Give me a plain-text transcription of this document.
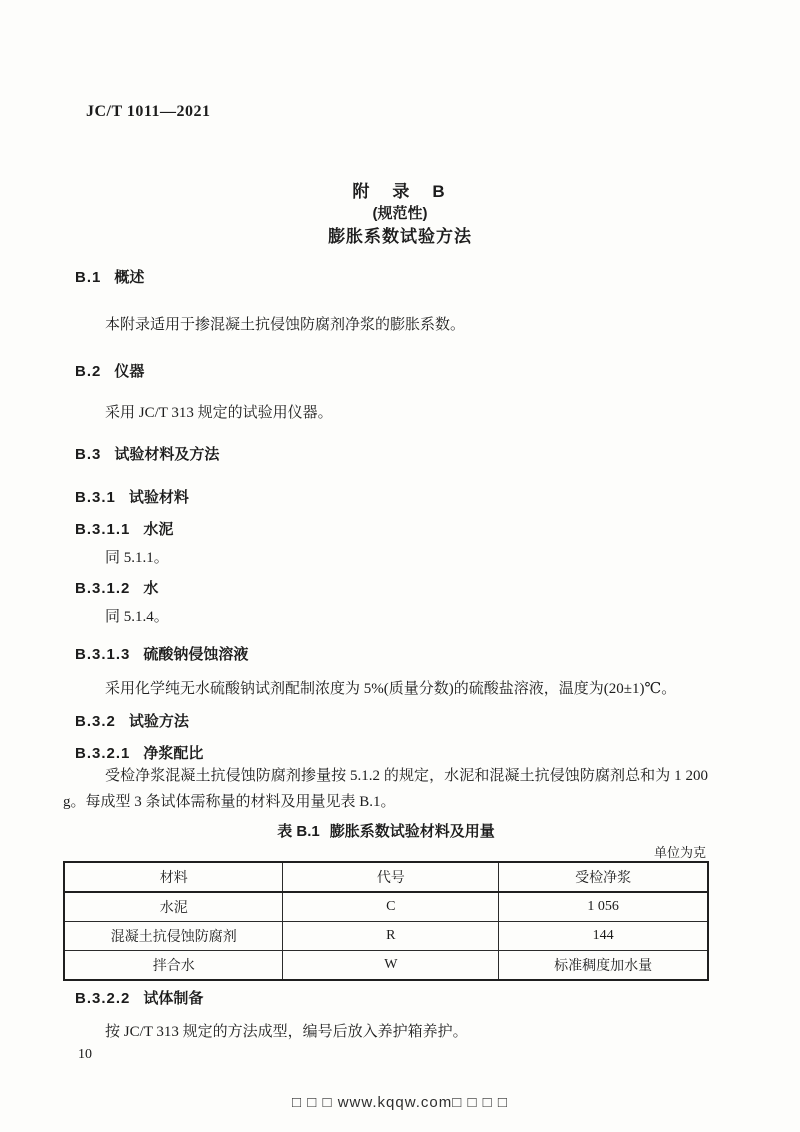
JC/T 1011—2021
附　录　B
(规范性)
膨胀系数试验方法
B.1 概述
本附录适用于掺混凝土抗侵蚀防腐剂净浆的膨胀系数。
B.2 仪器
采用 JC/T 313 规定的试验用仪器。
B.3 试验材料及方法
B.3.1 试验材料
B.3.1.1 水泥
同 5.1.1。
B.3.1.2 水
同 5.1.4。
B.3.1.3 硫酸钠侵蚀溶液
采用化学纯无水硫酸钠试剂配制浓度为 5%(质量分数)的硫酸盐溶液，温度为(20±1)℃。
B.3.2 试验方法
B.3.2.1 净浆配比
受检净浆混凝土抗侵蚀防腐剂掺量按 5.1.2 的规定，水泥和混凝土抗侵蚀防腐剂总和为 1 200 g。每成型 3 条试体需称量的材料及用量见表 B.1。
表 B.1 膨胀系数试验材料及用量
单位为克
材料	代号	受检净浆
水泥	C	1 056
混凝土抗侵蚀防腐剂	R	144
拌合水	W	标准稠度加水量
B.3.2.2 试体制备
按 JC/T 313 规定的方法成型，编号后放入养护箱养护。
10
□ □ □ www.kqqw.com□ □ □ □
